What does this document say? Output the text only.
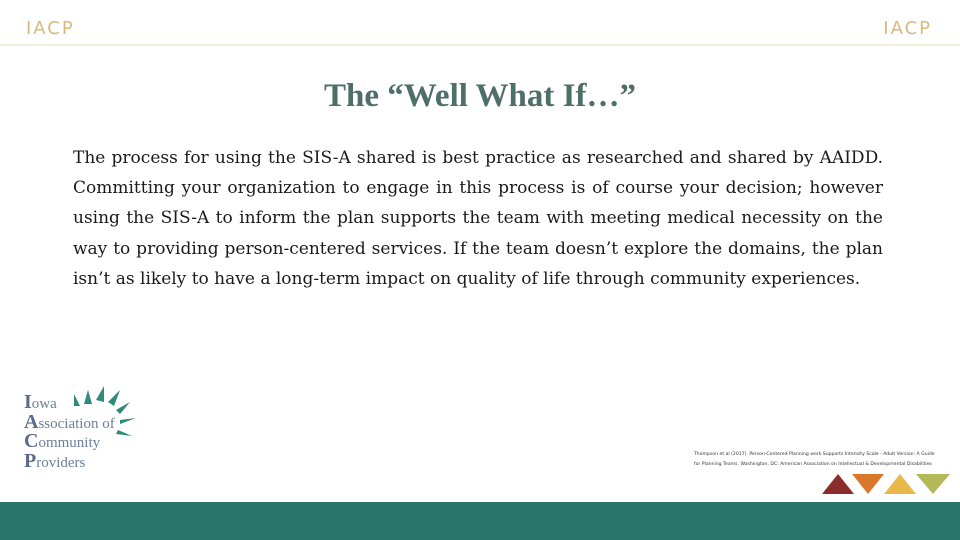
IACP	IACP
The “Well What If…”

The process for using the SIS-A shared is best practice as researched and shared by AAIDD. Committing your organization to engage in this process is of course your decision; however using the SIS-A to inform the plan supports the team with meeting medical necessity on the way to providing person-centered services. If the team doesn’t explore the domains, the plan isn’t as likely to have a long-term impact on quality of life through community experiences.

Iowa
Association of
Community
Providers	Thompson et al (2017). Person-Centered Planning work Supports Intensity Scale - Adult Version: A Guide
for Planning Teams. Washington, DC: American Association on Intellectual & Developmental Disabilities
